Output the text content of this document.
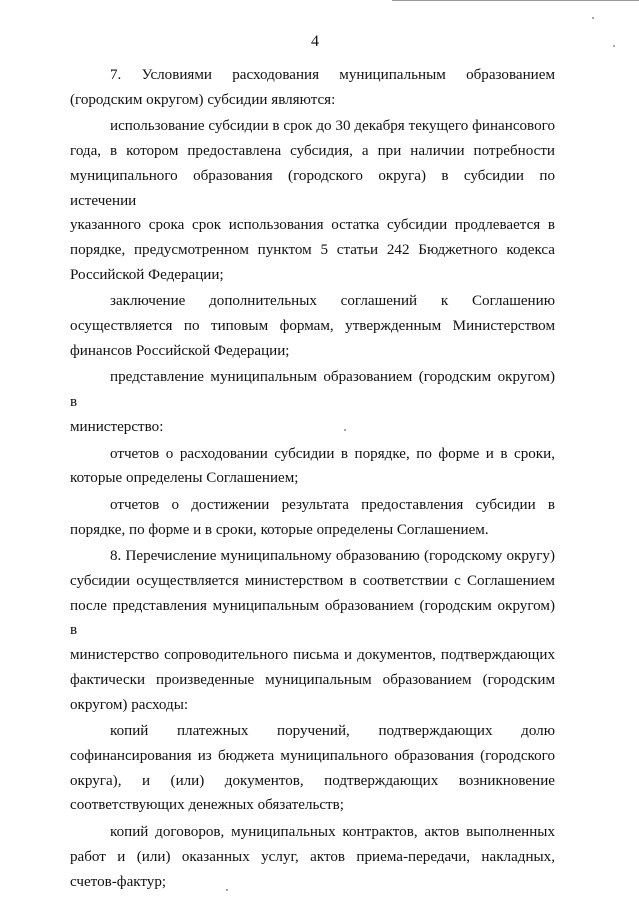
4
7. Условиями расходования муниципальным образованием
(городским округом) субсидии являются:
использование субсидии в срок до 30 декабря текущего финансового
года, в котором предоставлена субсидия, а при наличии потребности
муниципального образования (городского округа) в субсидии по истечении
указанного срока срок использования остатка субсидии продлевается в
порядке, предусмотренном пунктом 5 статьи 242 Бюджетного кодекса
Российской Федерации;
заключение дополнительных соглашений к Соглашению
осуществляется по типовым формам, утвержденным Министерством
финансов Российской Федерации;
представление муниципальным образованием (городским округом) в
министерство:
отчетов о расходовании субсидии в порядке, по форме и в сроки,
которые определены Соглашением;
отчетов о достижении результата предоставления субсидии в
порядке, по форме и в сроки, которые определены Соглашением.
8. Перечисление муниципальному образованию (городскому округу)
субсидии осуществляется министерством в соответствии с Соглашением
после представления муниципальным образованием (городским округом) в
министерство сопроводительного письма и документов, подтверждающих
фактически произведенные муниципальным образованием (городским
округом) расходы:
копий платежных поручений, подтверждающих долю
софинансирования из бюджета муниципального образования (городского
округа), и (или) документов, подтверждающих возникновение
соответствующих денежных обязательств;
копий договоров, муниципальных контрактов, актов выполненных
работ и (или) оказанных услуг, актов приема-передачи, накладных,
счетов-фактур;
